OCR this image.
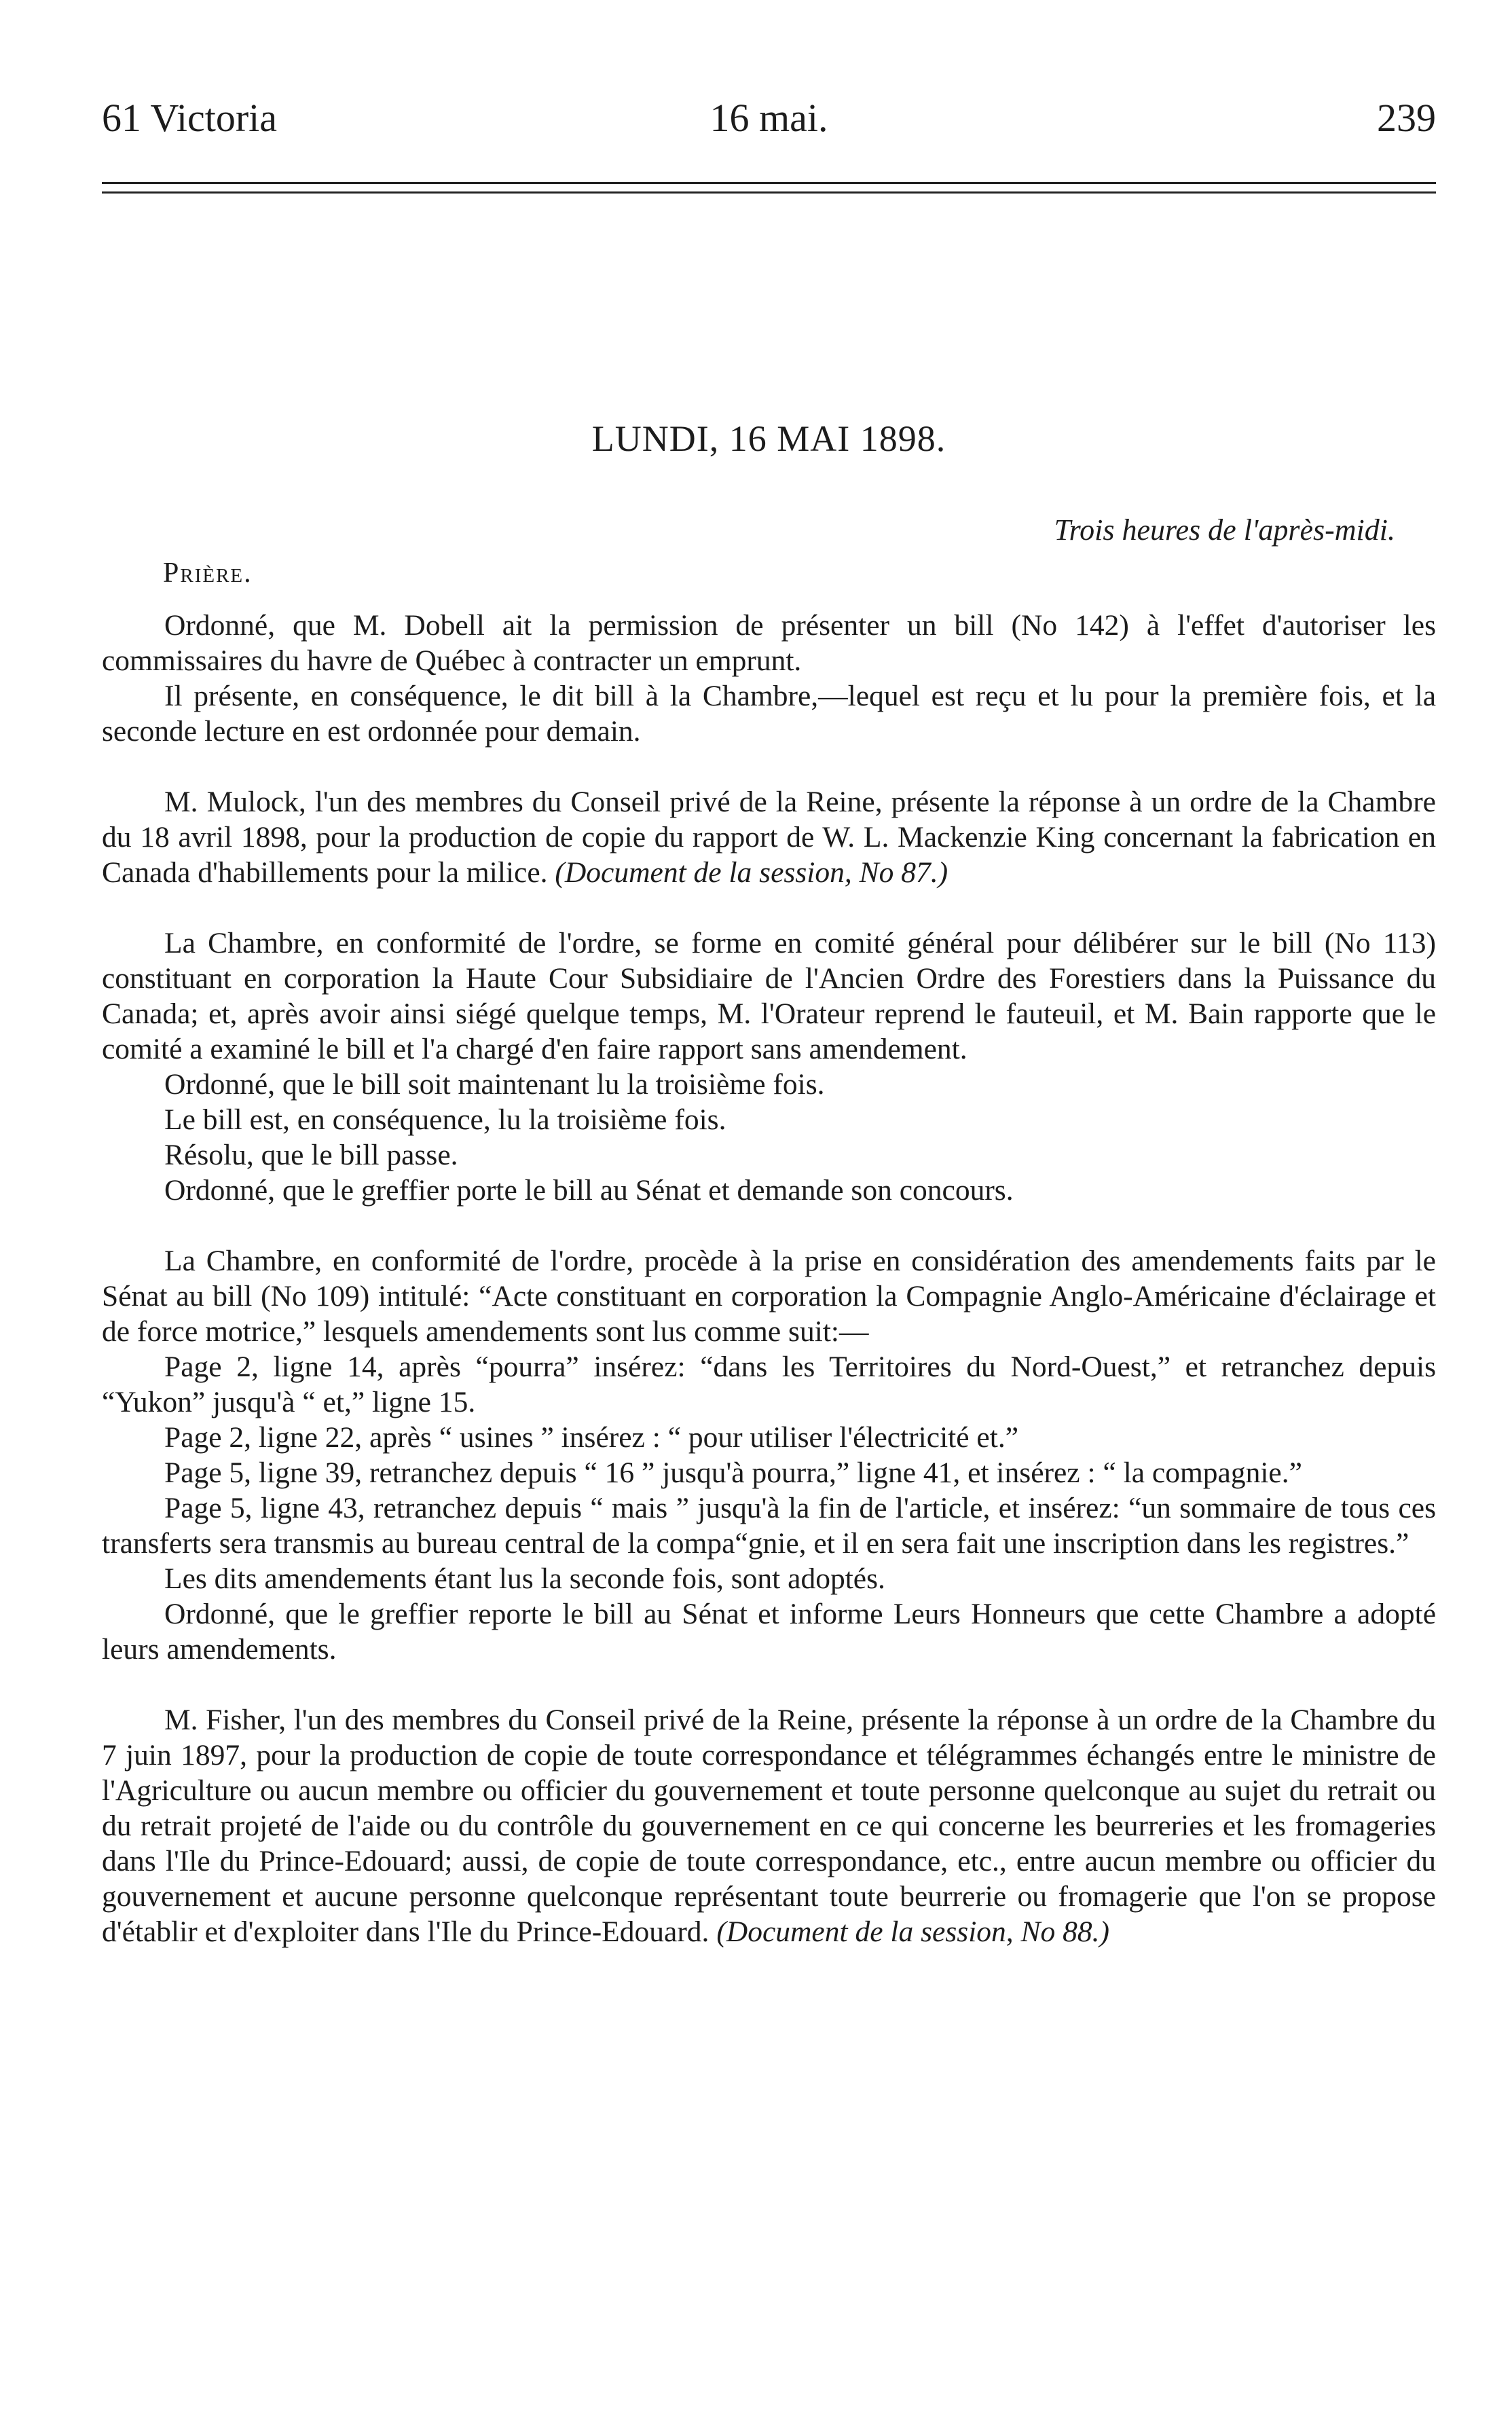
61 Victoria	16 mai.	239
LUNDI, 16 MAI 1898.
Trois heures de l'après-midi.
Prière.

Ordonné, que M. Dobell ait la permission de présenter un bill (No 142) à l'effet d'autoriser les commissaires du havre de Québec à contracter un emprunt.

Il présente, en conséquence, le dit bill à la Chambre,—lequel est reçu et lu pour la première fois, et la seconde lecture en est ordonnée pour demain.

M. Mulock, l'un des membres du Conseil privé de la Reine, présente la réponse à un ordre de la Chambre du 18 avril 1898, pour la production de copie du rapport de W. L. Mackenzie King concernant la fabrication en Canada d'habillements pour la milice. (Document de la session, No 87.)

La Chambre, en conformité de l'ordre, se forme en comité général pour délibérer sur le bill (No 113) constituant en corporation la Haute Cour Subsidiaire de l'Ancien Ordre des Forestiers dans la Puissance du Canada; et, après avoir ainsi siégé quelque temps, M. l'Orateur reprend le fauteuil, et M. Bain rapporte que le comité a examiné le bill et l'a chargé d'en faire rapport sans amendement.

Ordonné, que le bill soit maintenant lu la troisième fois.

Le bill est, en conséquence, lu la troisième fois.

Résolu, que le bill passe.

Ordonné, que le greffier porte le bill au Sénat et demande son concours.

La Chambre, en conformité de l'ordre, procède à la prise en considération des amendements faits par le Sénat au bill (No 109) intitulé: “Acte constituant en corporation la Compagnie Anglo-Américaine d'éclairage et de force motrice,” lesquels amendements sont lus comme suit:—

Page 2, ligne 14, après “pourra” insérez: “dans les Territoires du Nord-Ouest,” et retranchez depuis “Yukon” jusqu'à “ et,” ligne 15.

Page 2, ligne 22, après “ usines ” insérez : “ pour utiliser l'électricité et.”

Page 5, ligne 39, retranchez depuis “ 16 ” jusqu'à pourra,” ligne 41, et insérez : “ la compagnie.”

Page 5, ligne 43, retranchez depuis “ mais ” jusqu'à la fin de l'article, et insérez: “un sommaire de tous ces transferts sera transmis au bureau central de la compa“gnie, et il en sera fait une inscription dans les registres.”

Les dits amendements étant lus la seconde fois, sont adoptés.

Ordonné, que le greffier reporte le bill au Sénat et informe Leurs Honneurs que cette Chambre a adopté leurs amendements.

M. Fisher, l'un des membres du Conseil privé de la Reine, présente la réponse à un ordre de la Chambre du 7 juin 1897, pour la production de copie de toute correspondance et télégrammes échangés entre le ministre de l'Agriculture ou aucun membre ou officier du gouvernement et toute personne quelconque au sujet du retrait ou du retrait projeté de l'aide ou du contrôle du gouvernement en ce qui concerne les beurreries et les fromageries dans l'Ile du Prince-Edouard; aussi, de copie de toute correspondance, etc., entre aucun membre ou officier du gouvernement et aucune personne quelconque représentant toute beurrerie ou fromagerie que l'on se propose d'établir et d'exploiter dans l'Ile du Prince-Edouard. (Document de la session, No 88.)
